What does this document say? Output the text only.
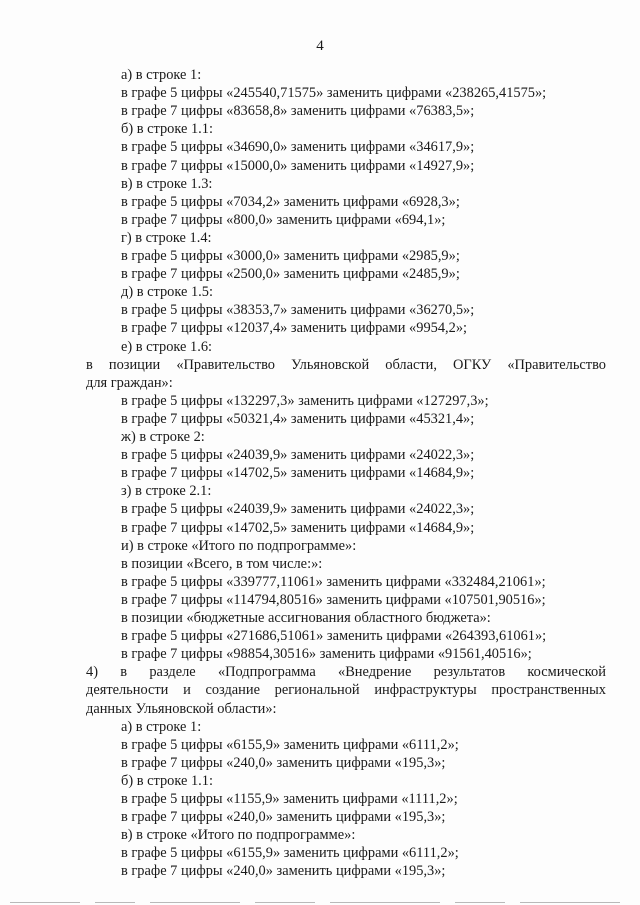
4
а) в строке 1:
в графе 5 цифры «245540,71575» заменить цифрами «238265,41575»;
в графе 7 цифры «83658,8» заменить цифрами «76383,5»;
б) в строке 1.1:
в графе 5 цифры «34690,0» заменить цифрами «34617,9»;
в графе 7 цифры «15000,0» заменить цифрами «14927,9»;
в) в строке 1.3:
в графе 5 цифры «7034,2» заменить цифрами «6928,3»;
в графе 7 цифры «800,0» заменить цифрами «694,1»;
г) в строке 1.4:
в графе 5 цифры «3000,0» заменить цифрами «2985,9»;
в графе 7 цифры «2500,0» заменить цифрами «2485,9»;
д) в строке 1.5:
в графе 5 цифры «38353,7» заменить цифрами «36270,5»;
в графе 7 цифры «12037,4» заменить цифрами «9954,2»;
е) в строке 1.6:
в позиции «Правительство Ульяновской области, ОГКУ «Правительство
для граждан»:
в графе 5 цифры «132297,3» заменить цифрами «127297,3»;
в графе 7 цифры «50321,4» заменить цифрами «45321,4»;
ж) в строке 2:
в графе 5 цифры «24039,9» заменить цифрами «24022,3»;
в графе 7 цифры «14702,5» заменить цифрами «14684,9»;
з) в строке 2.1:
в графе 5 цифры «24039,9» заменить цифрами «24022,3»;
в графе 7 цифры «14702,5» заменить цифрами «14684,9»;
и) в строке «Итого по подпрограмме»:
в позиции «Всего, в том числе:»:
в графе 5 цифры «339777,11061» заменить цифрами «332484,21061»;
в графе 7 цифры «114794,80516» заменить цифрами «107501,90516»;
в позиции «бюджетные ассигнования областного бюджета»:
в графе 5 цифры «271686,51061» заменить цифрами «264393,61061»;
в графе 7 цифры «98854,30516» заменить цифрами «91561,40516»;
4) в разделе «Подпрограмма «Внедрение результатов космической
деятельности и создание региональной инфраструктуры пространственных
данных Ульяновской области»:
а) в строке 1:
в графе 5 цифры «6155,9» заменить цифрами «6111,2»;
в графе 7 цифры «240,0» заменить цифрами «195,3»;
б) в строке 1.1:
в графе 5 цифры «1155,9» заменить цифрами «1111,2»;
в графе 7 цифры «240,0» заменить цифрами «195,3»;
в) в строке «Итого по подпрограмме»:
в графе 5 цифры «6155,9» заменить цифрами «6111,2»;
в графе 7 цифры «240,0» заменить цифрами «195,3»;
